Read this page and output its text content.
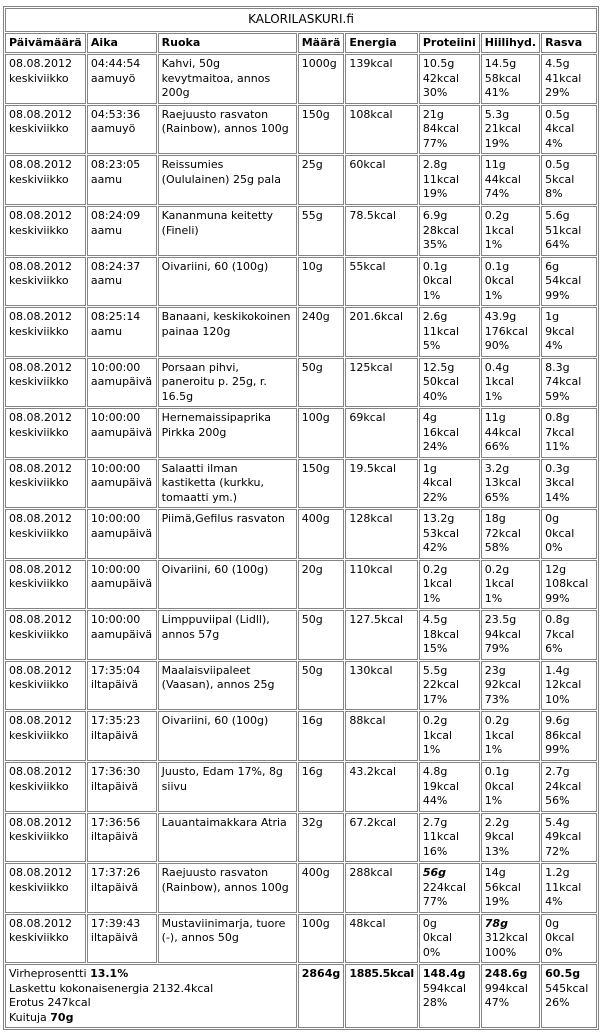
KALORILASKURI.fi							
Päivämäärä	Aika	Ruoka	Määrä	Energia	Proteiini	Hiilihyd.	Rasva

08.08.2012
keskiviikko	04:44:54
aamuyö	Kahvi, 50g kevytmaitoa, annos 200g	1000g	139kcal	10.5g
42kcal
30%	14.5g
58kcal
41%	4.5g
41kcal
29%

08.08.2012
keskiviikko	04:53:36
aamuyö	Raejuusto rasvaton (Rainbow), annos 100g	150g	108kcal	21g
84kcal
77%	5.3g
21kcal
19%	0.5g
4kcal
4%

08.08.2012
keskiviikko	08:23:05
aamu	Reissumies (Oululainen) 25g pala	25g	60kcal	2.8g
11kcal
19%	11g
44kcal
74%	0.5g
5kcal
8%

08.08.2012
keskiviikko	08:24:09
aamu	Kananmuna keitetty (Fineli)	55g	78.5kcal	6.9g
28kcal
35%	0.2g
1kcal
1%	5.6g
51kcal
64%

08.08.2012
keskiviikko	08:24:37
aamu	Oivariini, 60 (100g)	10g	55kcal	0.1g
0kcal
1%	0.1g
0kcal
1%	6g
54kcal
99%

08.08.2012
keskiviikko	08:25:14
aamu	Banaani, keskikokoinen painaa 120g	240g	201.6kcal	2.6g
11kcal
5%	43.9g
176kcal
90%	1g
9kcal
4%

08.08.2012
keskiviikko	10:00:00
aamupäivä	Porsaan pihvi, paneroitu p. 25g, r. 16.5g	50g	125kcal	12.5g
50kcal
40%	0.4g
1kcal
1%	8.3g
74kcal
59%

08.08.2012
keskiviikko	10:00:00
aamupäivä	Hernemaissipaprika Pirkka 200g	100g	69kcal	4g
16kcal
24%	11g
44kcal
66%	0.8g
7kcal
11%

08.08.2012
keskiviikko	10:00:00
aamupäivä	Salaatti ilman kastiketta (kurkku, tomaatti ym.)	150g	19.5kcal	1g
4kcal
22%	3.2g
13kcal
65%	0.3g
3kcal
14%

08.08.2012
keskiviikko	10:00:00
aamupäivä	Piimä,Gefilus rasvaton	400g	128kcal	13.2g
53kcal
42%	18g
72kcal
58%	0g
0kcal
0%

08.08.2012
keskiviikko	10:00:00
aamupäivä	Oivariini, 60 (100g)	20g	110kcal	0.2g
1kcal
1%	0.2g
1kcal
1%	12g
108kcal
99%

08.08.2012
keskiviikko	10:00:00
aamupäivä	Limppuviipal (Lidll), annos 57g	50g	127.5kcal	4.5g
18kcal
15%	23.5g
94kcal
79%	0.8g
7kcal
6%

08.08.2012
keskiviikko	17:35:04
iltapäivä	Maalaisviipaleet (Vaasan), annos 25g	50g	130kcal	5.5g
22kcal
17%	23g
92kcal
73%	1.4g
12kcal
10%

08.08.2012
keskiviikko	17:35:23
iltapäivä	Oivariini, 60 (100g)	16g	88kcal	0.2g
1kcal
1%	0.2g
1kcal
1%	9.6g
86kcal
99%

08.08.2012
keskiviikko	17:36:30
iltapäivä	Juusto, Edam 17%, 8g siivu	16g	43.2kcal	4.8g
19kcal
44%	0.1g
0kcal
1%	2.7g
24kcal
56%

08.08.2012
keskiviikko	17:36:56
iltapäivä	Lauantaimakkara Atria	32g	67.2kcal	2.7g
11kcal
16%	2.2g
9kcal
13%	5.4g
49kcal
72%

08.08.2012
keskiviikko	17:37:26
iltapäivä	Raejuusto rasvaton (Rainbow), annos 100g	400g	288kcal	56g
224kcal
77%	14g
56kcal
19%	1.2g
11kcal
4%

08.08.2012
keskiviikko	17:39:43
iltapäivä	Mustaviinimarja, tuore (-), annos 50g	100g	48kcal	0g
0kcal
0%	78g
312kcal
100%	0g
0kcal
0%

Virheprosentti 13.1%
Laskettu kokonaisenergia 2132.4kcal
Erotus 247kcal
Kuituja 70g			2864g	1885.5kcal	148.4g
594kcal
28%	248.6g
994kcal
47%	60.5g
545kcal
26%
